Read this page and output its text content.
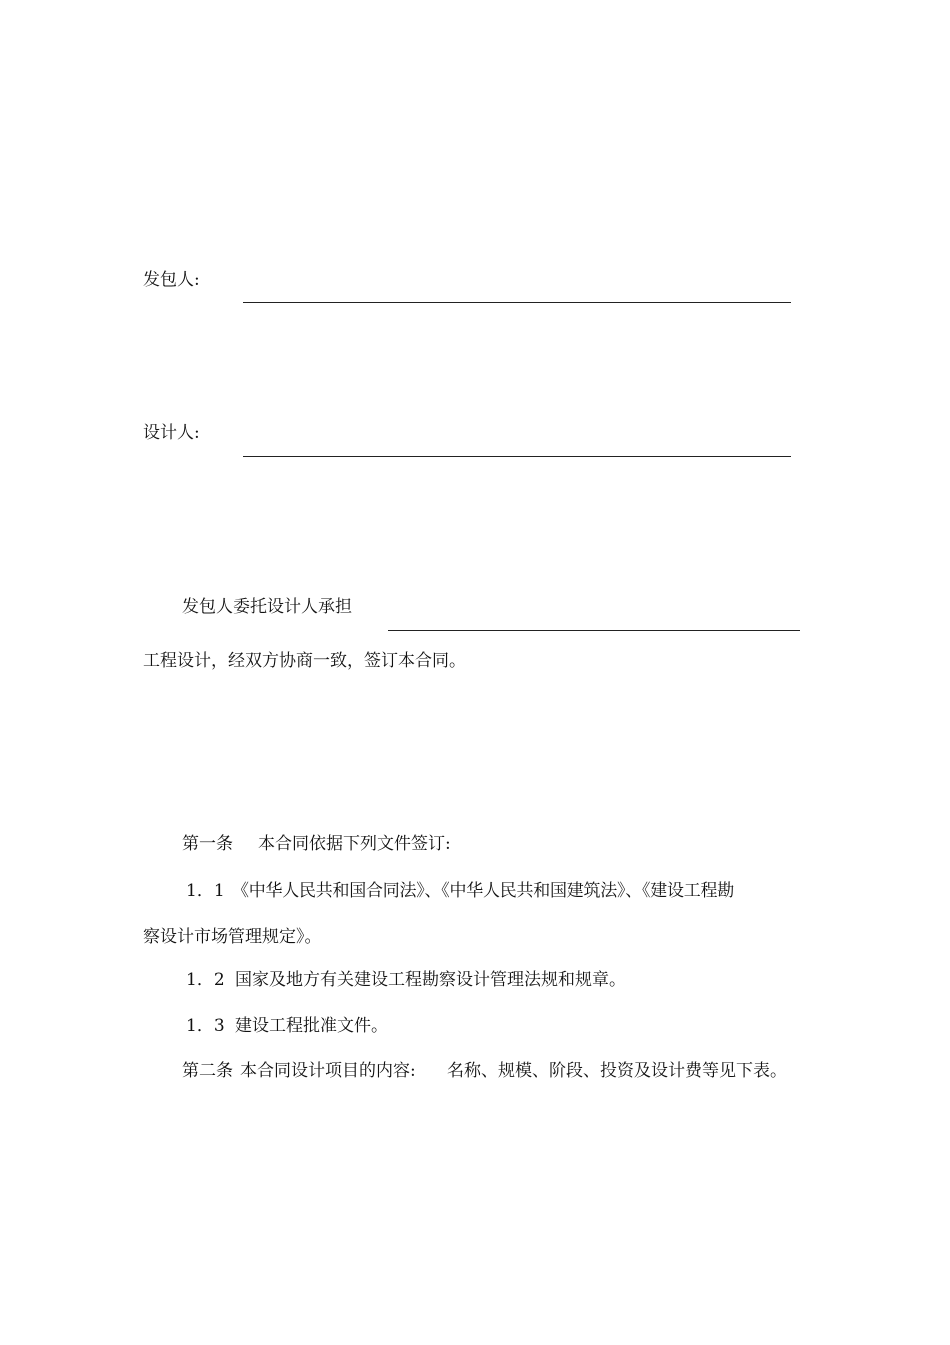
发包人:
设计人:
发包人委托设计人承担
工程设计，经双方协商一致，签订本合同。
第一条 本合同依据下列文件签订:
1．1 《中华人民共和国合同法》、《中华人民共和国建筑法》、《建设工程勘
察设计市场管理规定》。
1．2 国家及地方有关建设工程勘察设计管理法规和规章。
1．3 建设工程批准文件。
第二条 本合同设计项目的内容: 名称、规模、阶段、投资及设计费等见下表。
